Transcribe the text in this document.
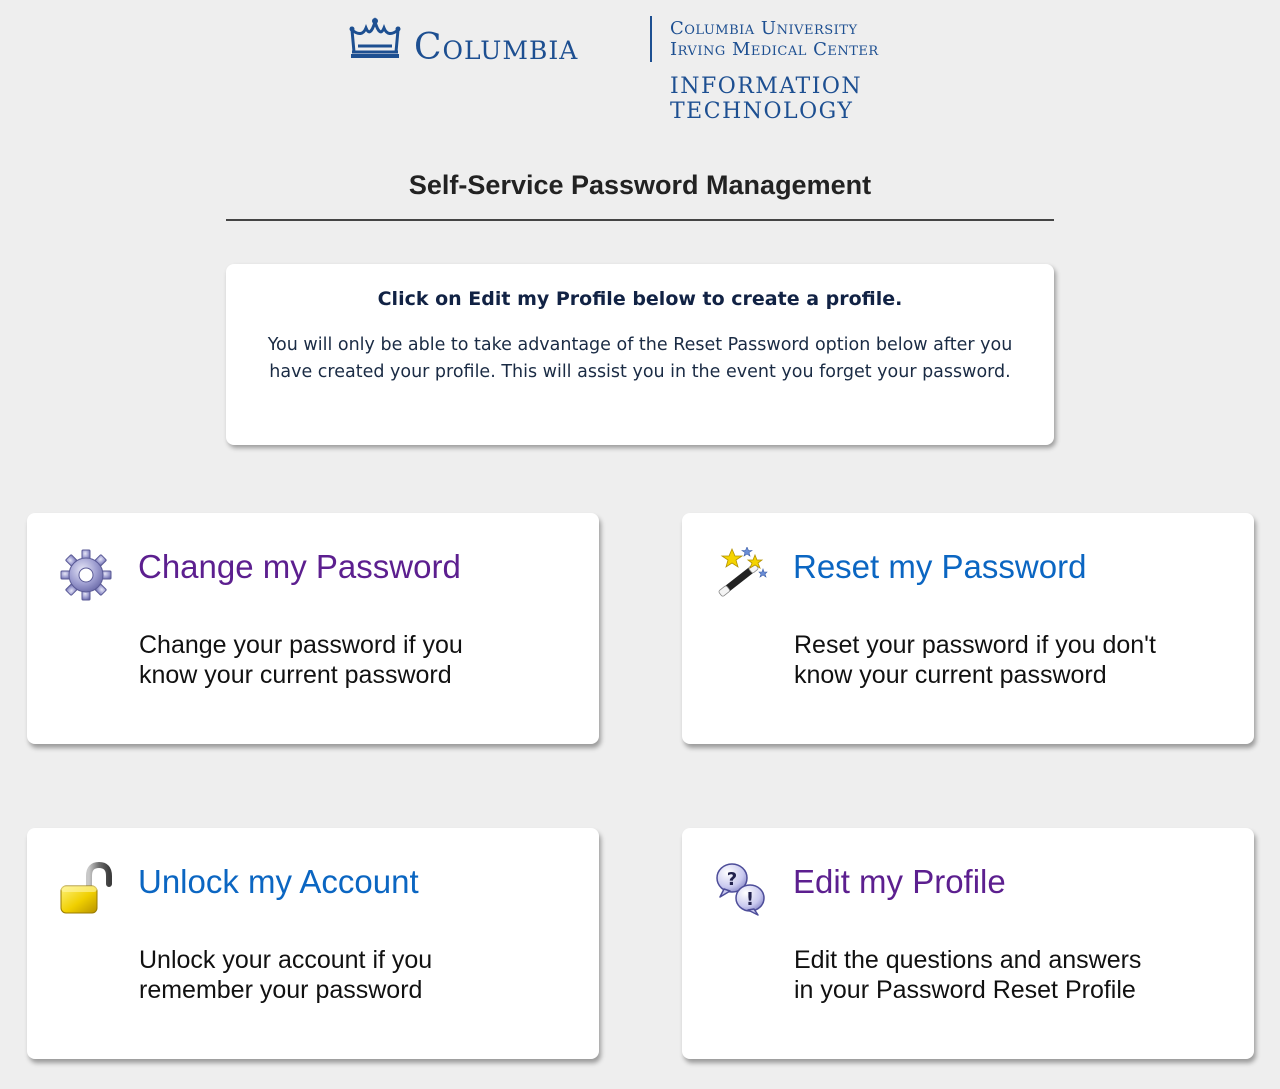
Columbia	Columbia University
Irving Medical Center
INFORMATION
TECHNOLOGY
Self-Service Password Management

Click on Edit my Profile below to create a profile.

You will only be able to take advantage of the Reset Password option below after you have created your profile. This will assist you in the event you forget your password.

Change my Password
Change your password if you
know your current password
Reset my Password
Reset your password if you don't
know your current password
Unlock my Account
Unlock your account if you
remember your password
?
! Edit my Profile
Edit the questions and answers
in your Password Reset Profile
